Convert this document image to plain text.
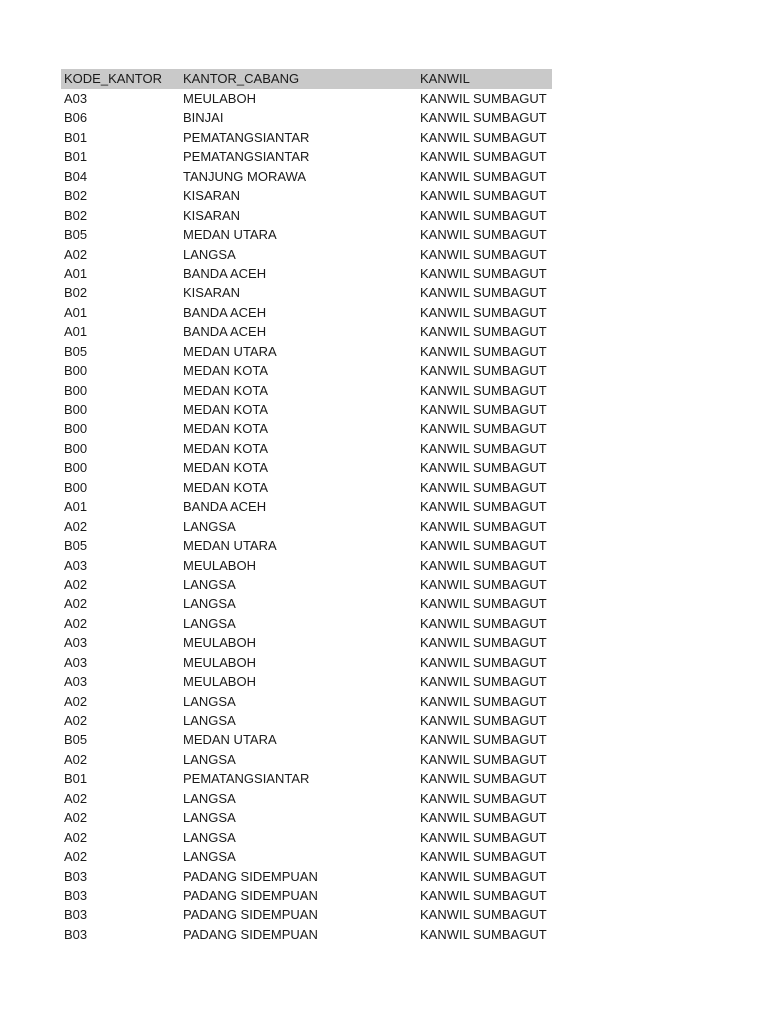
KODE_KANTOR KANTOR_CABANG	KANWIL
A03	MEULABOH	KANWIL SUMBAGUT
B06	BINJAI	KANWIL SUMBAGUT
B01	PEMATANGSIANTAR	KANWIL SUMBAGUT
B01	PEMATANGSIANTAR	KANWIL SUMBAGUT
B04	TANJUNG MORAWA	KANWIL SUMBAGUT
B02	KISARAN	KANWIL SUMBAGUT
B02	KISARAN	KANWIL SUMBAGUT
B05	MEDAN UTARA	KANWIL SUMBAGUT
A02	LANGSA	KANWIL SUMBAGUT
A01	BANDA ACEH	KANWIL SUMBAGUT
B02	KISARAN	KANWIL SUMBAGUT
A01	BANDA ACEH	KANWIL SUMBAGUT
A01	BANDA ACEH	KANWIL SUMBAGUT
B05	MEDAN UTARA	KANWIL SUMBAGUT
B00	MEDAN KOTA	KANWIL SUMBAGUT
B00	MEDAN KOTA	KANWIL SUMBAGUT
B00	MEDAN KOTA	KANWIL SUMBAGUT
B00	MEDAN KOTA	KANWIL SUMBAGUT
B00	MEDAN KOTA	KANWIL SUMBAGUT
B00	MEDAN KOTA	KANWIL SUMBAGUT
B00	MEDAN KOTA	KANWIL SUMBAGUT
A01	BANDA ACEH	KANWIL SUMBAGUT
A02	LANGSA	KANWIL SUMBAGUT
B05	MEDAN UTARA	KANWIL SUMBAGUT
A03	MEULABOH	KANWIL SUMBAGUT
A02	LANGSA	KANWIL SUMBAGUT
A02	LANGSA	KANWIL SUMBAGUT
A02	LANGSA	KANWIL SUMBAGUT
A03	MEULABOH	KANWIL SUMBAGUT
A03	MEULABOH	KANWIL SUMBAGUT
A03	MEULABOH	KANWIL SUMBAGUT
A02	LANGSA	KANWIL SUMBAGUT
A02	LANGSA	KANWIL SUMBAGUT
B05	MEDAN UTARA	KANWIL SUMBAGUT
A02	LANGSA	KANWIL SUMBAGUT
B01	PEMATANGSIANTAR	KANWIL SUMBAGUT
A02	LANGSA	KANWIL SUMBAGUT
A02	LANGSA	KANWIL SUMBAGUT
A02	LANGSA	KANWIL SUMBAGUT
A02	LANGSA	KANWIL SUMBAGUT
B03	PADANG SIDEMPUAN	KANWIL SUMBAGUT
B03	PADANG SIDEMPUAN	KANWIL SUMBAGUT
B03	PADANG SIDEMPUAN	KANWIL SUMBAGUT
B03	PADANG SIDEMPUAN	KANWIL SUMBAGUT
